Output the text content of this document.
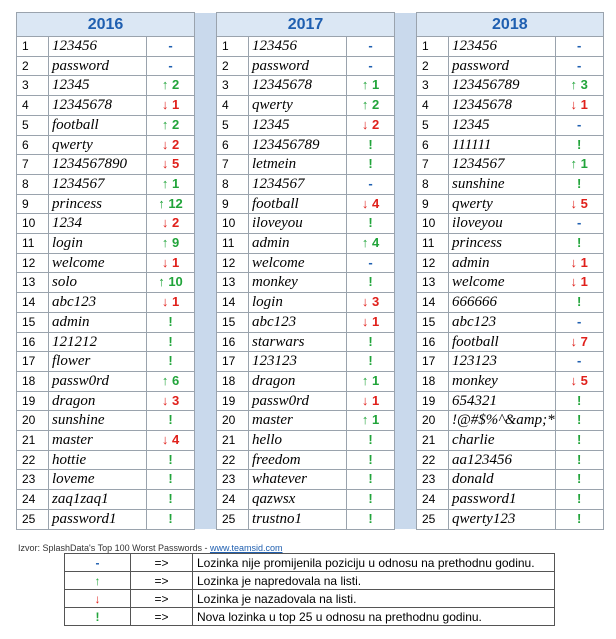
2016				2017				2018		
1	123456	-		1	123456	-		1	123456	-
2	password	-		2	password	-		2	password	-
3	12345	↑ 2		3	12345678	↑ 1		3	123456789	↑ 3
4	12345678	↓ 1		4	qwerty	↑ 2		4	12345678	↓ 1
5	football	↑ 2		5	12345	↓ 2		5	12345	-
6	qwerty	↓ 2		6	123456789	!		6	111111	!
7	1234567890	↓ 5		7	letmein	!		7	1234567	↑ 1
8	1234567	↑ 1		8	1234567	-		8	sunshine	!
9	princess	↑ 12		9	football	↓ 4		9	qwerty	↓ 5
10	1234	↓ 2		10	iloveyou	!		10	iloveyou	-
11	login	↑ 9		11	admin	↑ 4		11	princess	!
12	welcome	↓ 1		12	welcome	-		12	admin	↓ 1
13	solo	↑ 10		13	monkey	!		13	welcome	↓ 1
14	abc123	↓ 1		14	login	↓ 3		14	666666	!
15	admin	!		15	abc123	↓ 1		15	abc123	-
16	121212	!		16	starwars	!		16	football	↓ 7
17	flower	!		17	123123	!		17	123123	-
18	passw0rd	↑ 6		18	dragon	↑ 1		18	monkey	↓ 5
19	dragon	↓ 3		19	passw0rd	↓ 1		19	654321	!
20	sunshine	!		20	master	↑ 1		20	!@#$%^&amp;*	!
21	master	↓ 4		21	hello	!		21	charlie	!
22	hottie	!		22	freedom	!		22	aa123456	!
23	loveme	!		23	whatever	!		23	donald	!
24	zaq1zaq1	!		24	qazwsx	!		24	password1	!
25	password1	!		25	trustno1	!		25	qwerty123	!
Izvor: SplashData's Top 100 Worst Passwords - www.teamsid.com
-	=>	Lozinka nije promijenila poziciju u odnosu na prethodnu godinu.
↑	=>	Lozinka je napredovala na listi.
↓	=>	Lozinka je nazadovala na listi.
!	=>	Nova lozinka u top 25 u odnosu na prethodnu godinu.
